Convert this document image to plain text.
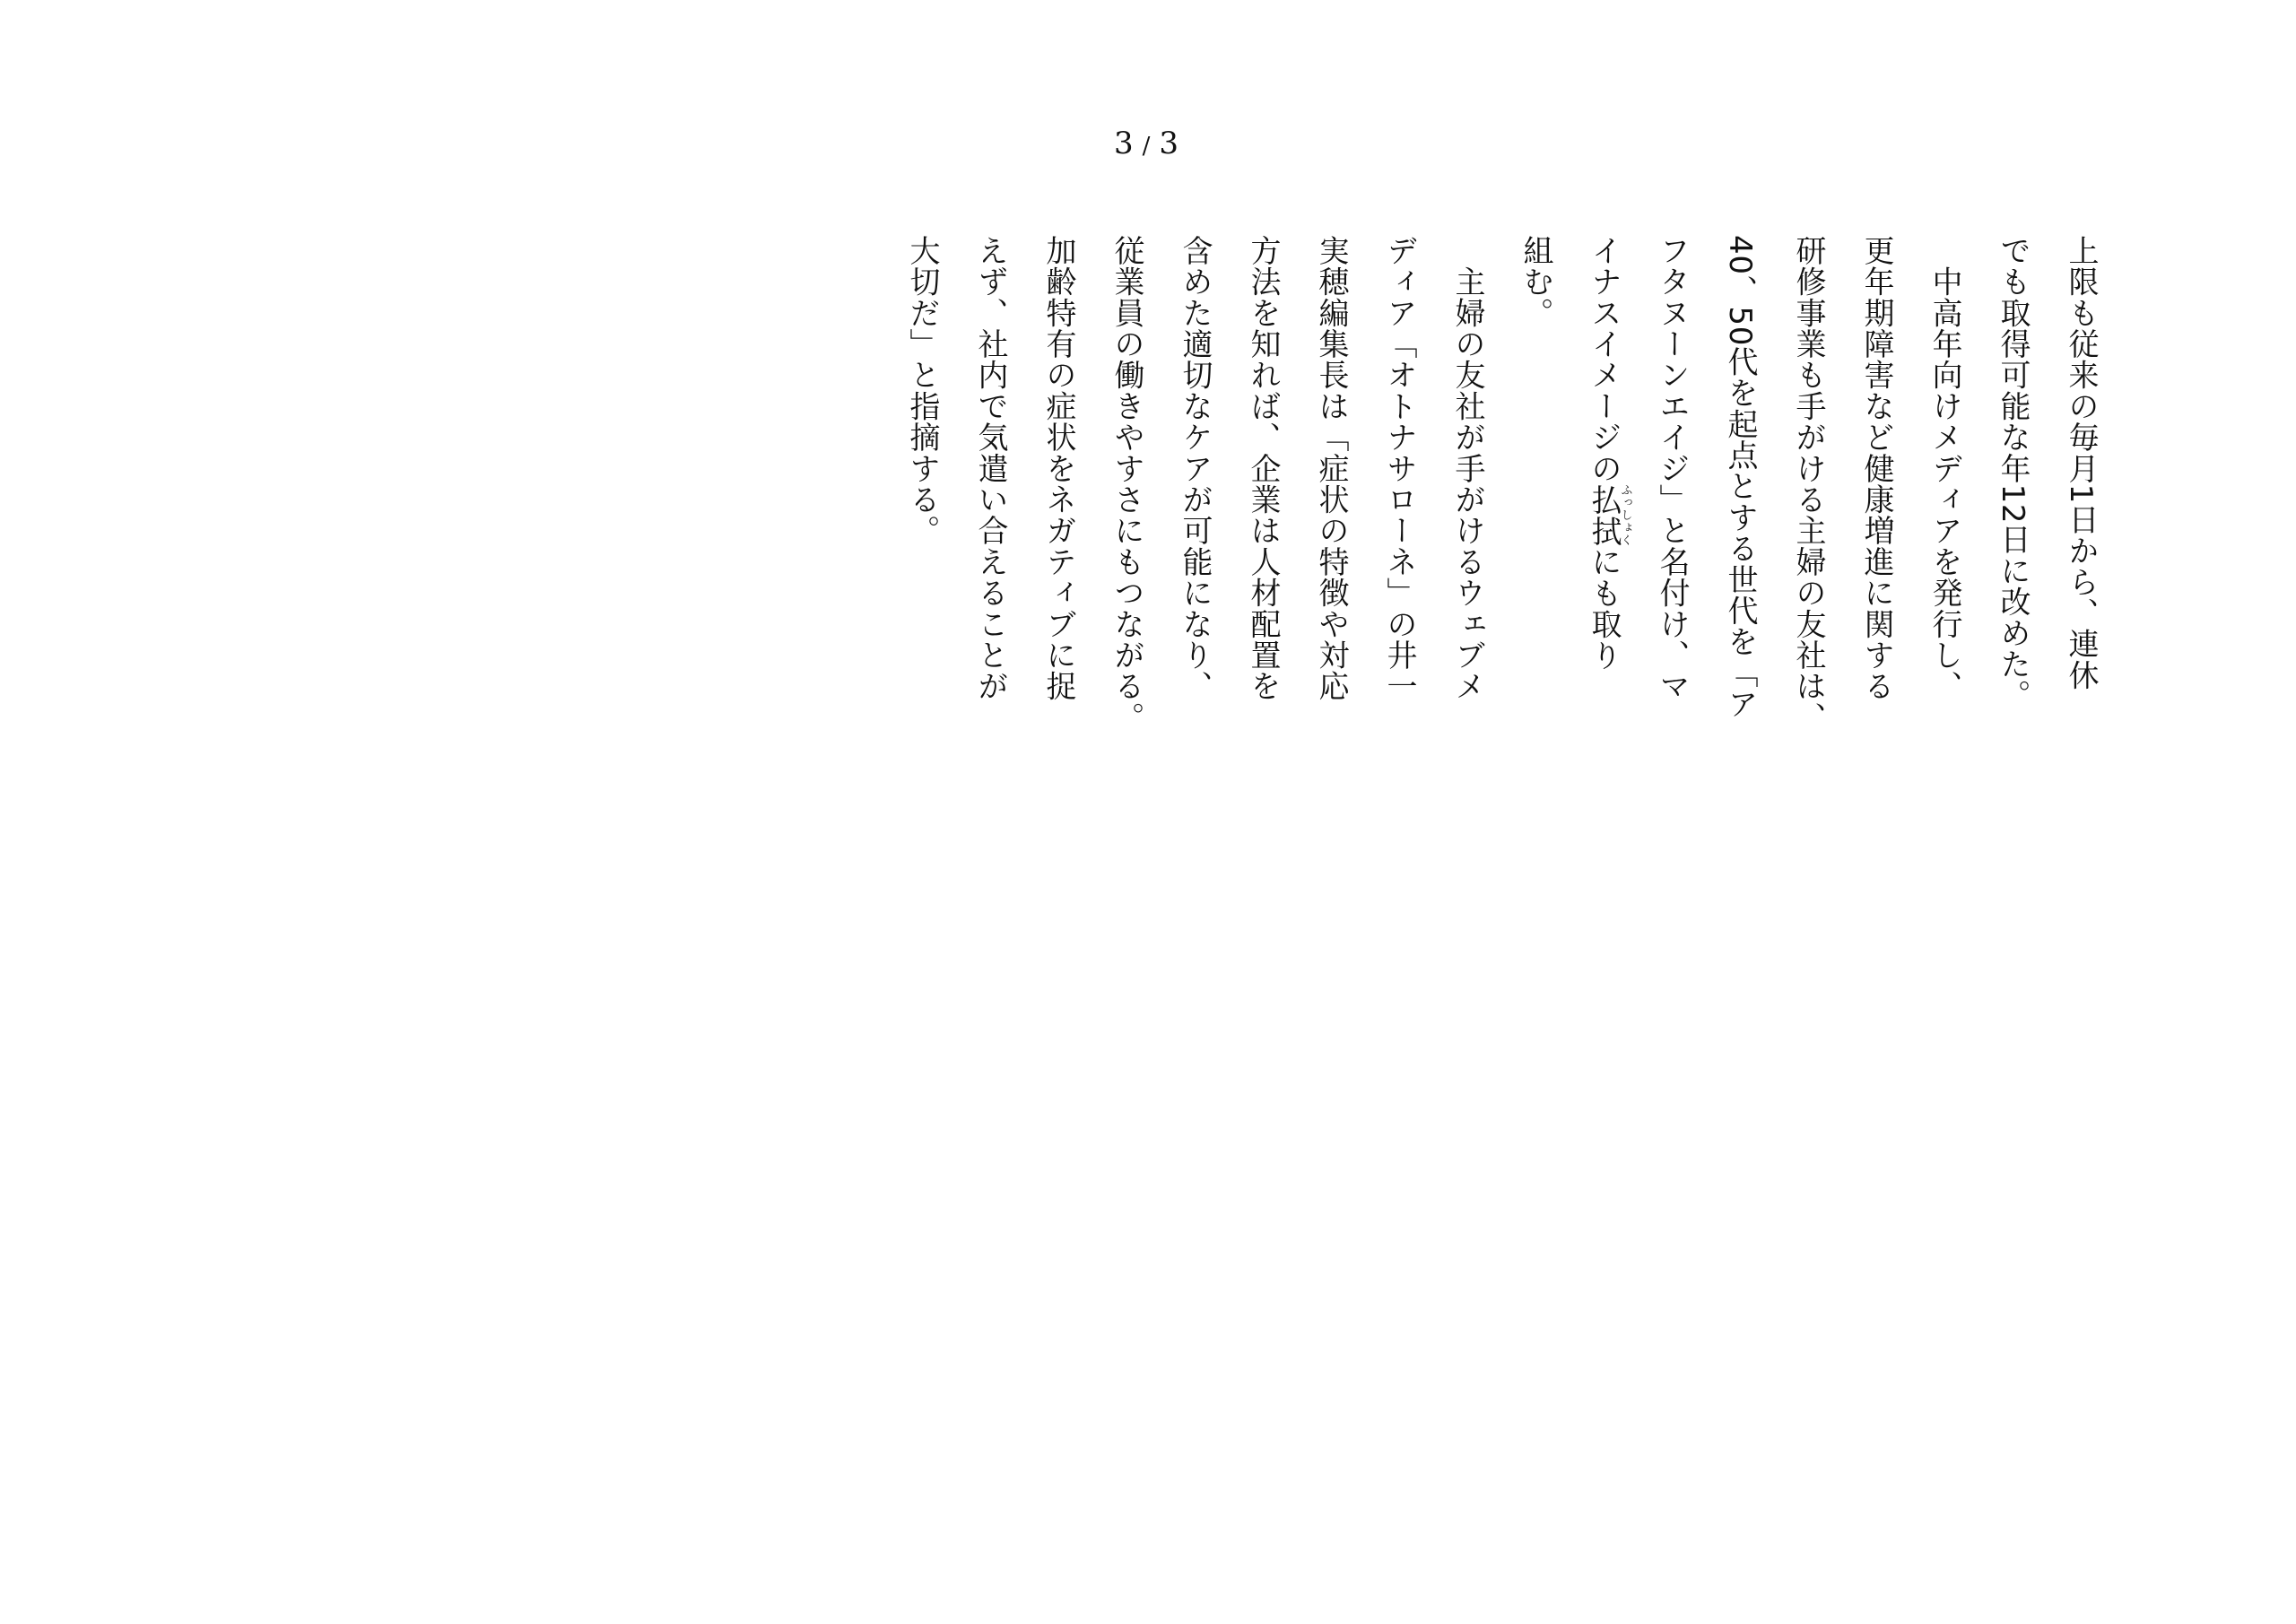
3 / 3
上限も従来の毎月1日から、連休
でも取得可能な年12日に改めた。
　中高年向けメディアを発行し、
更年期障害など健康増進に関する
研修事業も手がける主婦の友社は、
40、50代を起点とする世代を「ア
フタヌーンエイジ」と名付け、マ
イナスイメージの払拭ふっしょくにも取り
組む。
　主婦の友社が手がけるウェブメ
ディア「オトナサローネ」の井一
実穂編集長は「症状の特徴や対応
方法を知れば、企業は人材配置を
含めた適切なケアが可能になり、
従業員の働きやすさにもつながる。
加齢特有の症状をネガティブに捉
えず、社内で気遣い合えることが
大切だ」と指摘する。
